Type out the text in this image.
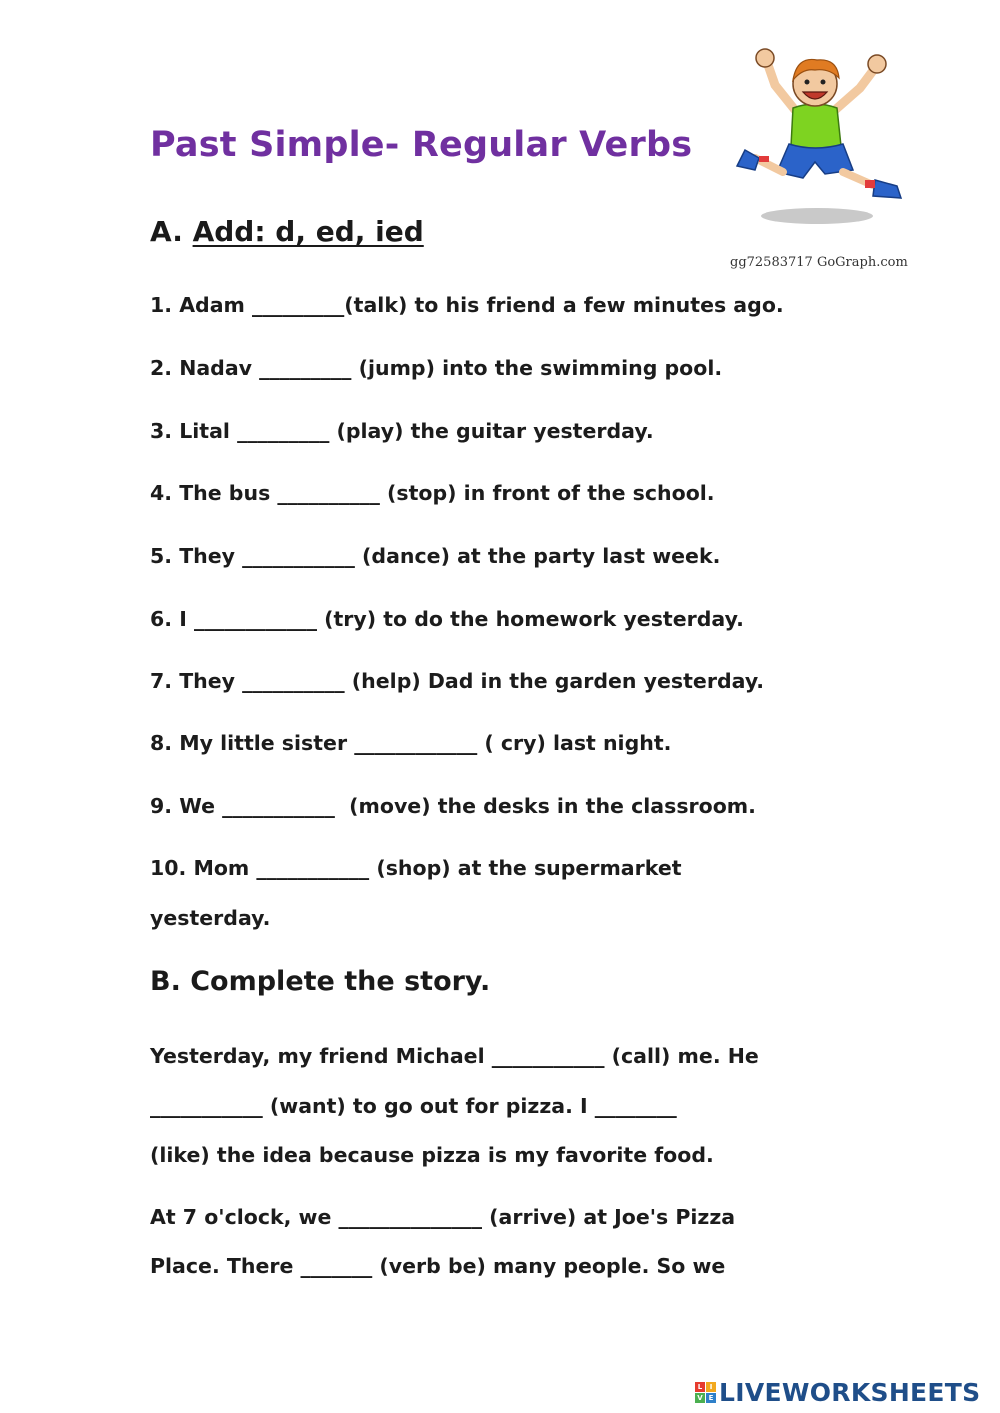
Past Simple- Regular Verbs
gg72583717 GoGraph.com
A. Add: d, ed, ied
1. Adam _________(talk) to his friend a few minutes ago.
2. Nadav _________ (jump) into the swimming pool.
3. Lital _________ (play) the guitar yesterday.
4. The bus __________ (stop) in front of the school.
5. They ___________ (dance) at the party last week.
6. I ____________ (try) to do the homework yesterday.
7. They __________ (help) Dad in the garden yesterday.
8. My little sister ____________ ( cry) last night.
9. We ___________  (move) the desks in the classroom.
10. Mom ___________ (shop) at the supermarket
yesterday.
B. Complete the story.
Yesterday, my friend Michael ___________ (call) me. He
___________ (want) to go out for pizza. I ________
(like) the idea because pizza is my favorite food.
At 7 o'clock, we ______________ (arrive) at Joe's Pizza
Place. There _______ (verb be) many people. So we
L	I
V E LIVEWORKSHEETS
